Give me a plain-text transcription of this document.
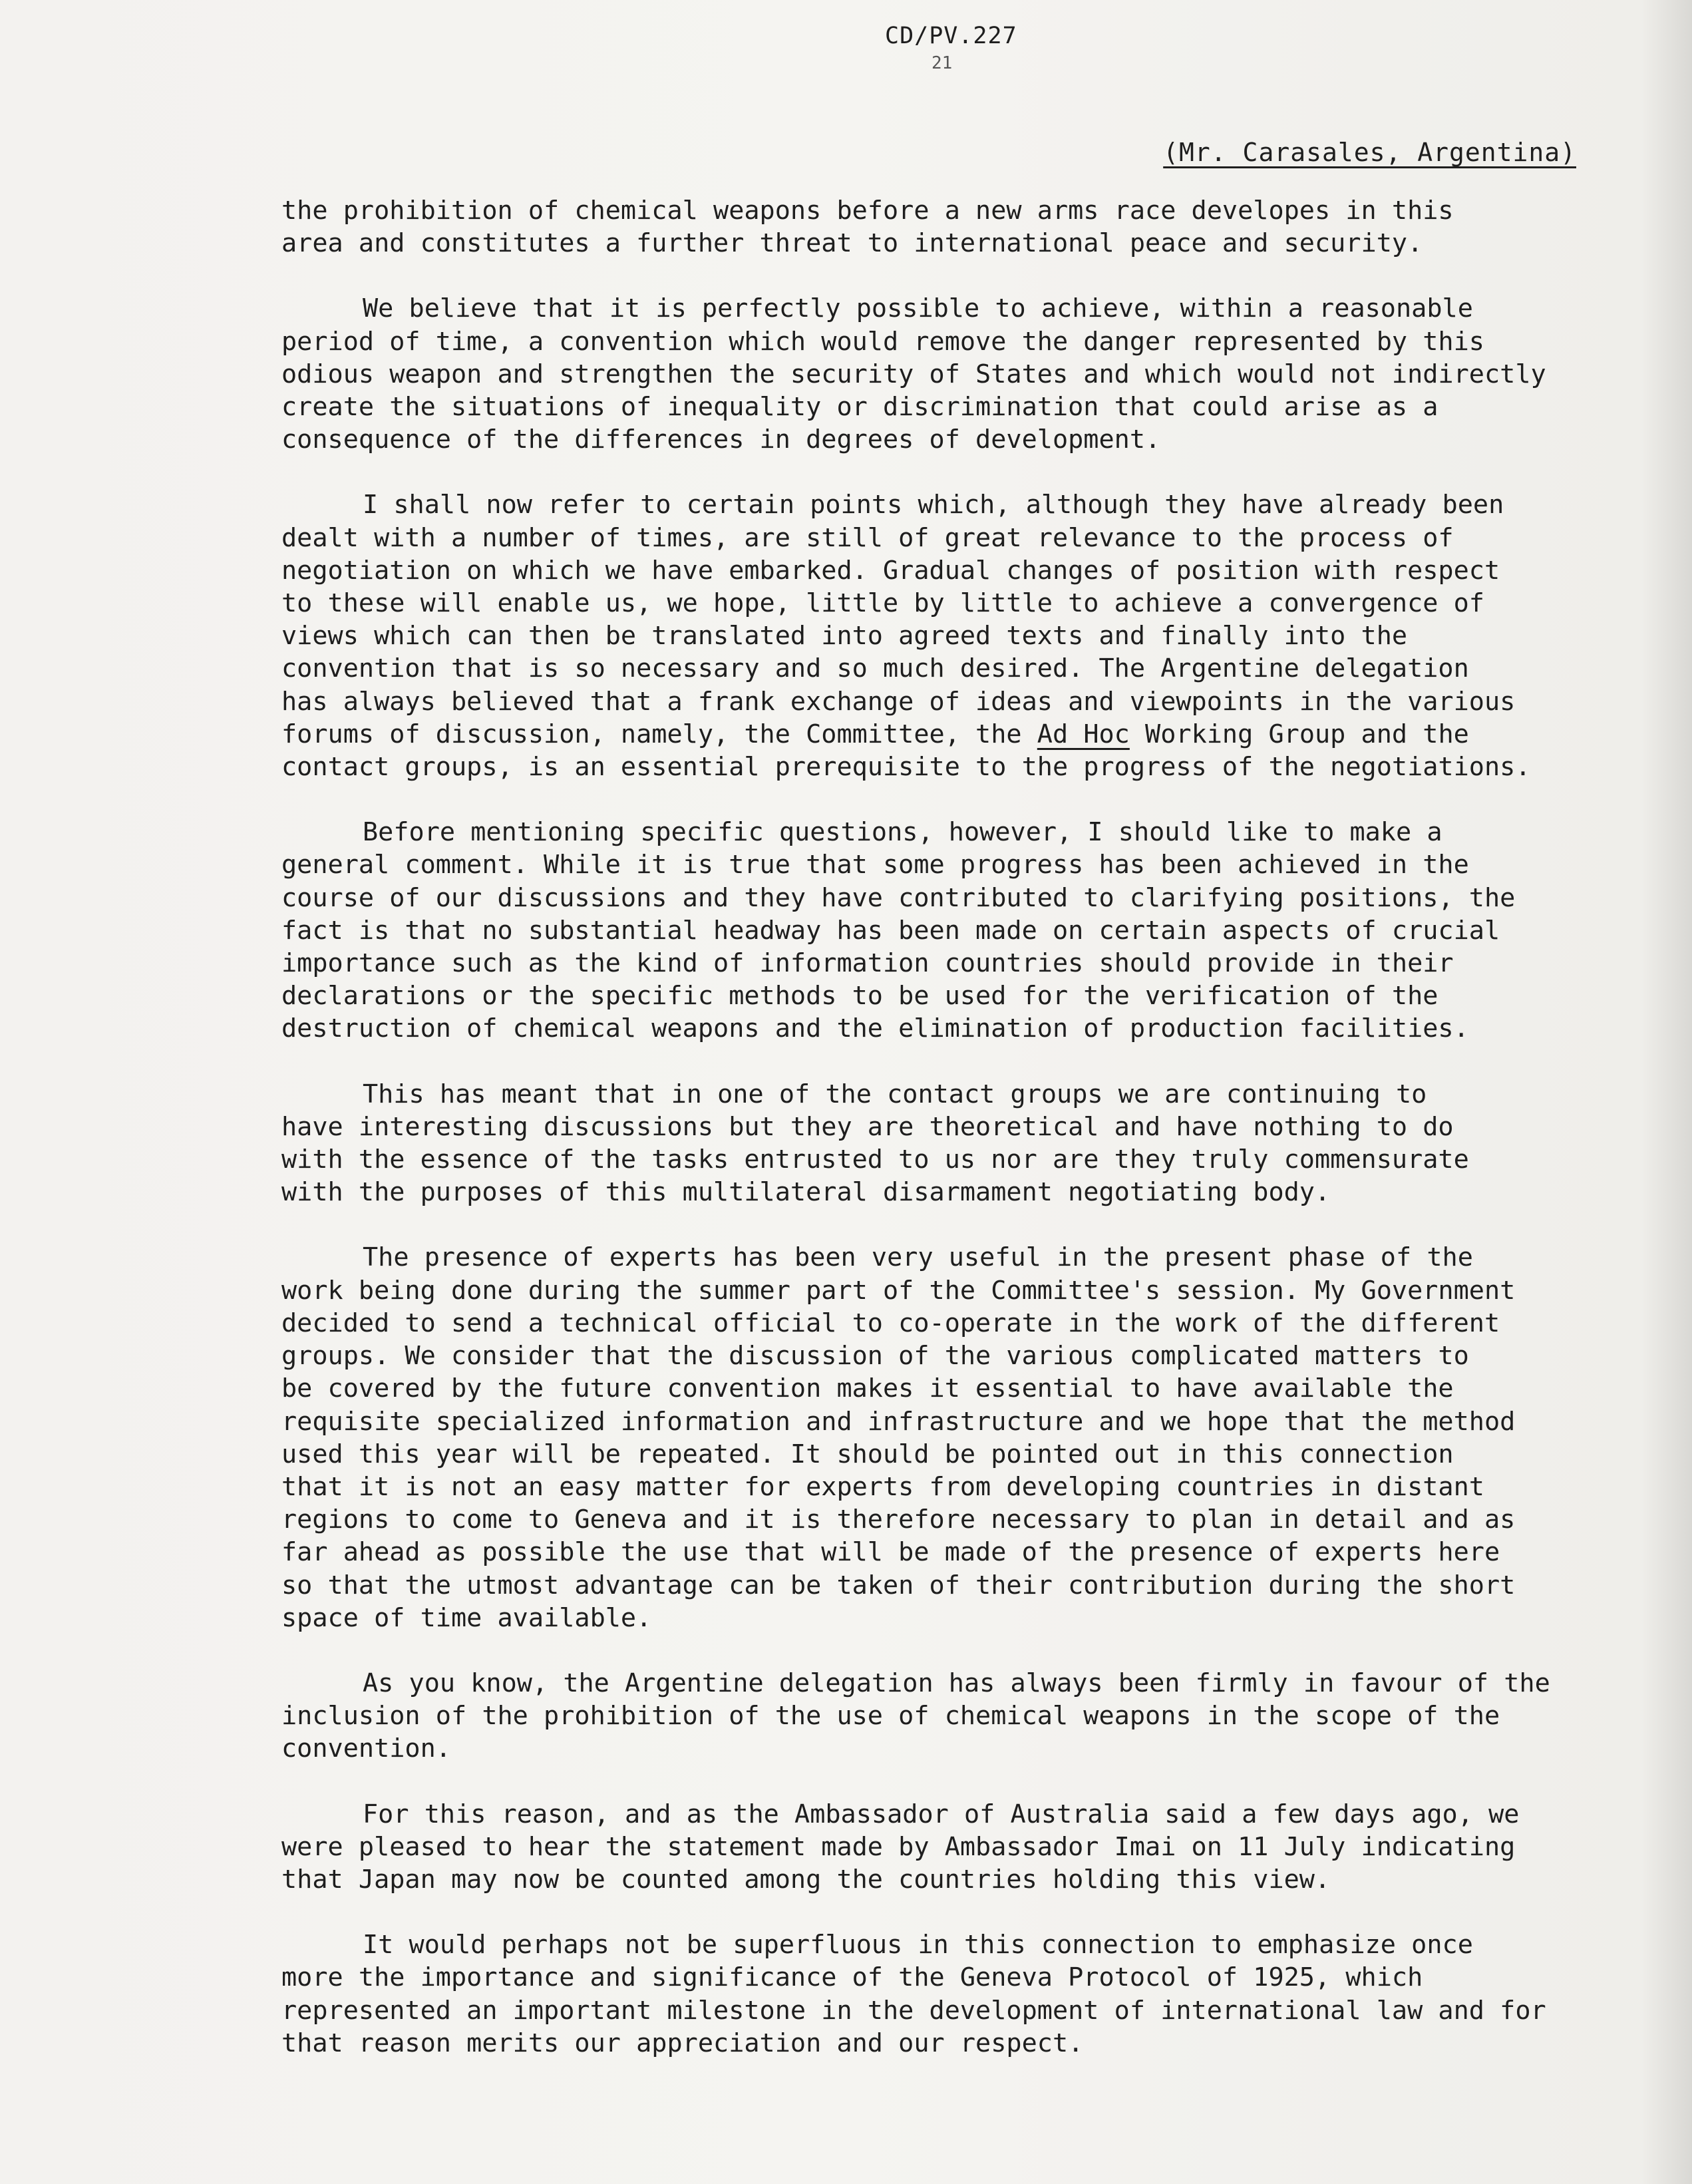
CD/PV.227
21
(Mr. Carasales, Argentina)

the prohibition of chemical weapons before a new arms race developes in this
area and constitutes a further threat to international peace and security.

We believe that it is perfectly possible to achieve, within a reasonable
period of time, a convention which would remove the danger represented by this
odious weapon and strengthen the security of States and which would not indirectly
create the situations of inequality or discrimination that could arise as a
consequence of the differences in degrees of development.

I shall now refer to certain points which, although they have already been
dealt with a number of times, are still of great relevance to the process of
negotiation on which we have embarked. Gradual changes of position with respect
to these will enable us, we hope, little by little to achieve a convergence of
views which can then be translated into agreed texts and finally into the
convention that is so necessary and so much desired. The Argentine delegation
has always believed that a frank exchange of ideas and viewpoints in the various
forums of discussion, namely, the Committee, the Ad Hoc Working Group and the
contact groups, is an essential prerequisite to the progress of the negotiations.

Before mentioning specific questions, however, I should like to make a
general comment. While it is true that some progress has been achieved in the
course of our discussions and they have contributed to clarifying positions, the
fact is that no substantial headway has been made on certain aspects of crucial
importance such as the kind of information countries should provide in their
declarations or the specific methods to be used for the verification of the
destruction of chemical weapons and the elimination of production facilities.

This has meant that in one of the contact groups we are continuing to
have interesting discussions but they are theoretical and have nothing to do
with the essence of the tasks entrusted to us nor are they truly commensurate
with the purposes of this multilateral disarmament negotiating body.

The presence of experts has been very useful in the present phase of the
work being done during the summer part of the Committee's session. My Government
decided to send a technical official to co-operate in the work of the different
groups. We consider that the discussion of the various complicated matters to
be covered by the future convention makes it essential to have available the
requisite specialized information and infrastructure and we hope that the method
used this year will be repeated. It should be pointed out in this connection
that it is not an easy matter for experts from developing countries in distant
regions to come to Geneva and it is therefore necessary to plan in detail and as
far ahead as possible the use that will be made of the presence of experts here
so that the utmost advantage can be taken of their contribution during the short
space of time available.

As you know, the Argentine delegation has always been firmly in favour of the
inclusion of the prohibition of the use of chemical weapons in the scope of the
convention.

For this reason, and as the Ambassador of Australia said a few days ago, we
were pleased to hear the statement made by Ambassador Imai on 11 July indicating
that Japan may now be counted among the countries holding this view.

It would perhaps not be superfluous in this connection to emphasize once
more the importance and significance of the Geneva Protocol of 1925, which
represented an important milestone in the development of international law and for
that reason merits our appreciation and our respect.
